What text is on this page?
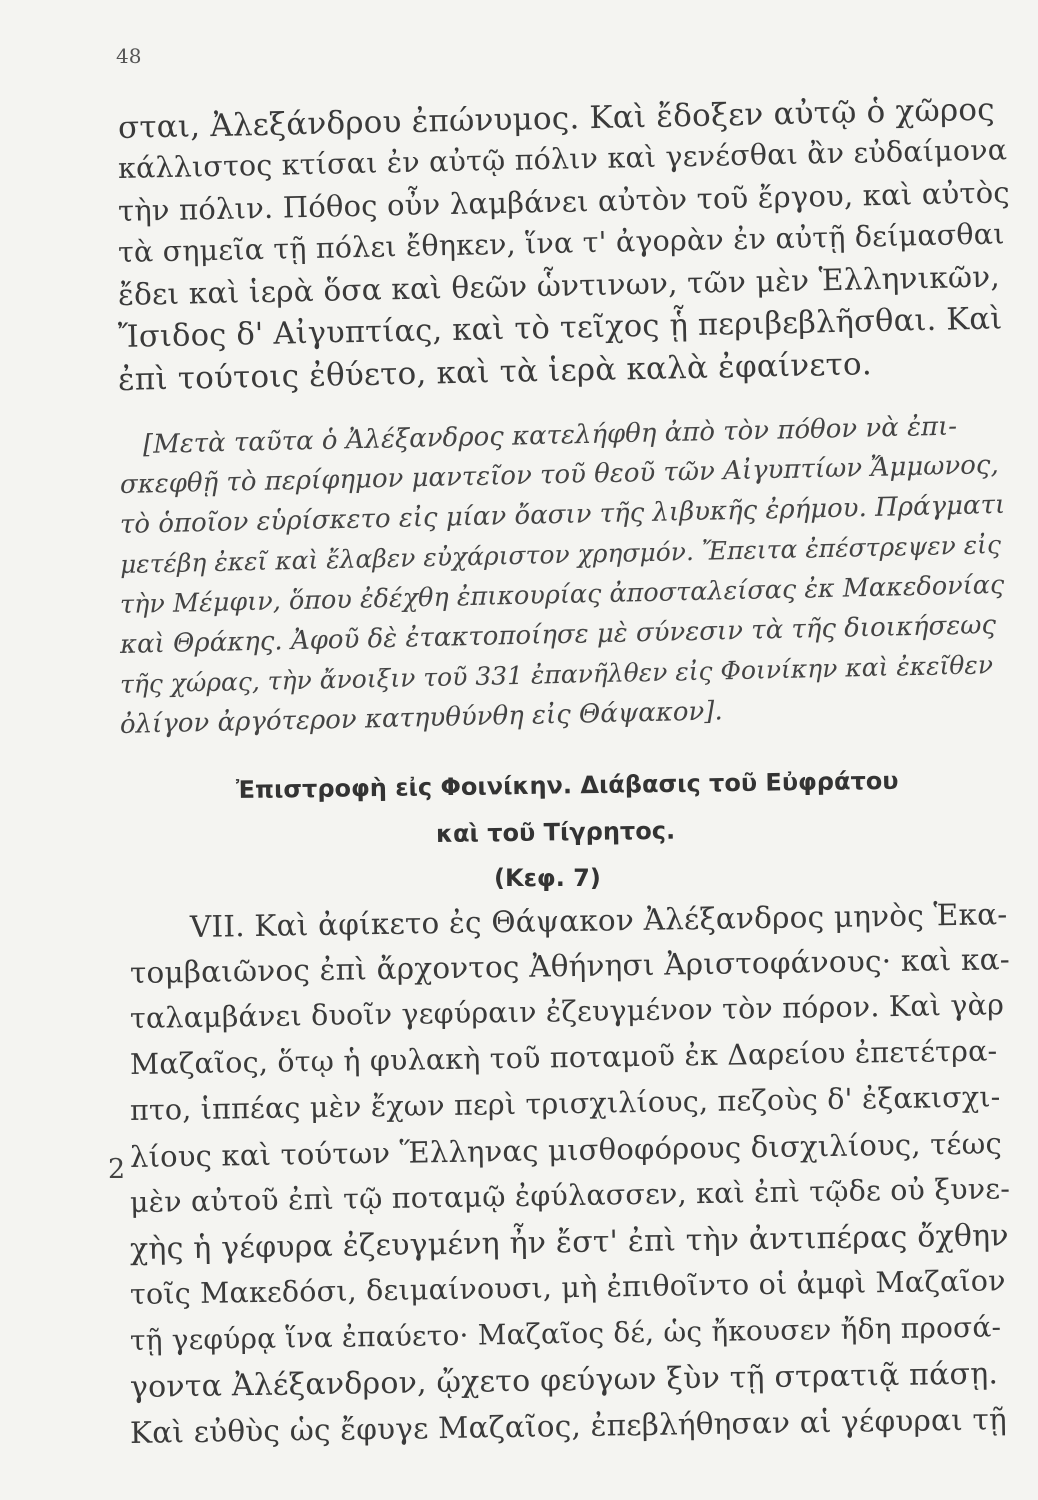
48
σται, Ἀλεξάνδρου ἐπώνυμος. Καὶ ἔδοξεν αὐτῷ ὁ χῶρος
κάλλιστος κτίσαι ἐν αὐτῷ πόλιν καὶ γενέσθαι ἂν εὐδαίμονα
τὴν πόλιν. Πόθος οὖν λαμβάνει αὐτὸν τοῦ ἔργου, καὶ αὐτὸς
τὰ σημεῖα τῇ πόλει ἔθηκεν, ἵνα τ' ἀγορὰν ἐν αὐτῇ δείμασθαι
ἔδει καὶ ἱερὰ ὅσα καὶ θεῶν ὧντινων, τῶν μὲν Ἑλληνικῶν,
Ἴσιδος δ' Αἰγυπτίας, καὶ τὸ τεῖχος ᾗ περιβεβλῆσθαι. Καὶ
ἐπὶ τούτοις ἐθύετο, καὶ τὰ ἱερὰ καλὰ ἐφαίνετο.
[Μετὰ ταῦτα ὁ Ἀλέξανδρος κατελήφθη ἀπὸ τὸν πόθον νὰ ἐπι-
σκεφθῇ τὸ περίφημον μαντεῖον τοῦ θεοῦ τῶν Αἰγυπτίων Ἄμμωνος,
τὸ ὁποῖον εὑρίσκετο εἰς μίαν ὄασιν τῆς λιβυκῆς ἐρήμου. Πράγματι
μετέβη ἐκεῖ καὶ ἔλαβεν εὐχάριστον χρησμόν. Ἔπειτα ἐπέστρεψεν εἰς
τὴν Μέμφιν, ὅπου ἐδέχθη ἐπικουρίας ἀποσταλείσας ἐκ Μακεδονίας
καὶ Θράκης. Ἀφοῦ δὲ ἐτακτοποίησε μὲ σύνεσιν τὰ τῆς διοικήσεως
τῆς χώρας, τὴν ἄνοιξιν τοῦ 331 ἐπανῆλθεν εἰς Φοινίκην καὶ ἐκεῖθεν
ὀλίγον ἀργότερον κατηυθύνθη εἰς Θάψακον].
Ἐπιστροφὴ εἰς Φοινίκην. Διάβασις τοῦ Εὐφράτου
καὶ τοῦ Τίγρητος.
(Κεφ. 7)
2
VII. Καὶ ἀφίκετο ἐς Θάψακον Ἀλέξανδρος μηνὸς Ἑκα-
τομβαιῶνος ἐπὶ ἄρχοντος Ἀθήνησι Ἀριστοφάνους· καὶ κα-
ταλαμβάνει δυοῖν γεφύραιν ἐζευγμένον τὸν πόρον. Καὶ γὰρ
Μαζαῖος, ὅτῳ ἡ φυλακὴ τοῦ ποταμοῦ ἐκ Δαρείου ἐπετέτρα-
πτο, ἱππέας μὲν ἔχων περὶ τρισχιλίους, πεζοὺς δ' ἐξακισχι-
λίους καὶ τούτων Ἕλληνας μισθοφόρους δισχιλίους, τέως
μὲν αὐτοῦ ἐπὶ τῷ ποταμῷ ἐφύλασσεν, καὶ ἐπὶ τῷδε οὐ ξυνε-
χὴς ἡ γέφυρα ἐζευγμένη ἦν ἔστ' ἐπὶ τὴν ἀντιπέρας ὄχθην
τοῖς Μακεδόσι, δειμαίνουσι, μὴ ἐπιθοῖντο οἱ ἀμφὶ Μαζαῖον
τῇ γεφύρᾳ ἵνα ἐπαύετο· Μαζαῖος δέ, ὡς ἤκουσεν ἤδη προσά-
γοντα Ἀλέξανδρον, ᾤχετο φεύγων ξὺν τῇ στρατιᾷ πάσῃ.
Καὶ εὐθὺς ὡς ἔφυγε Μαζαῖος, ἐπεβλήθησαν αἱ γέφυραι τῇ
